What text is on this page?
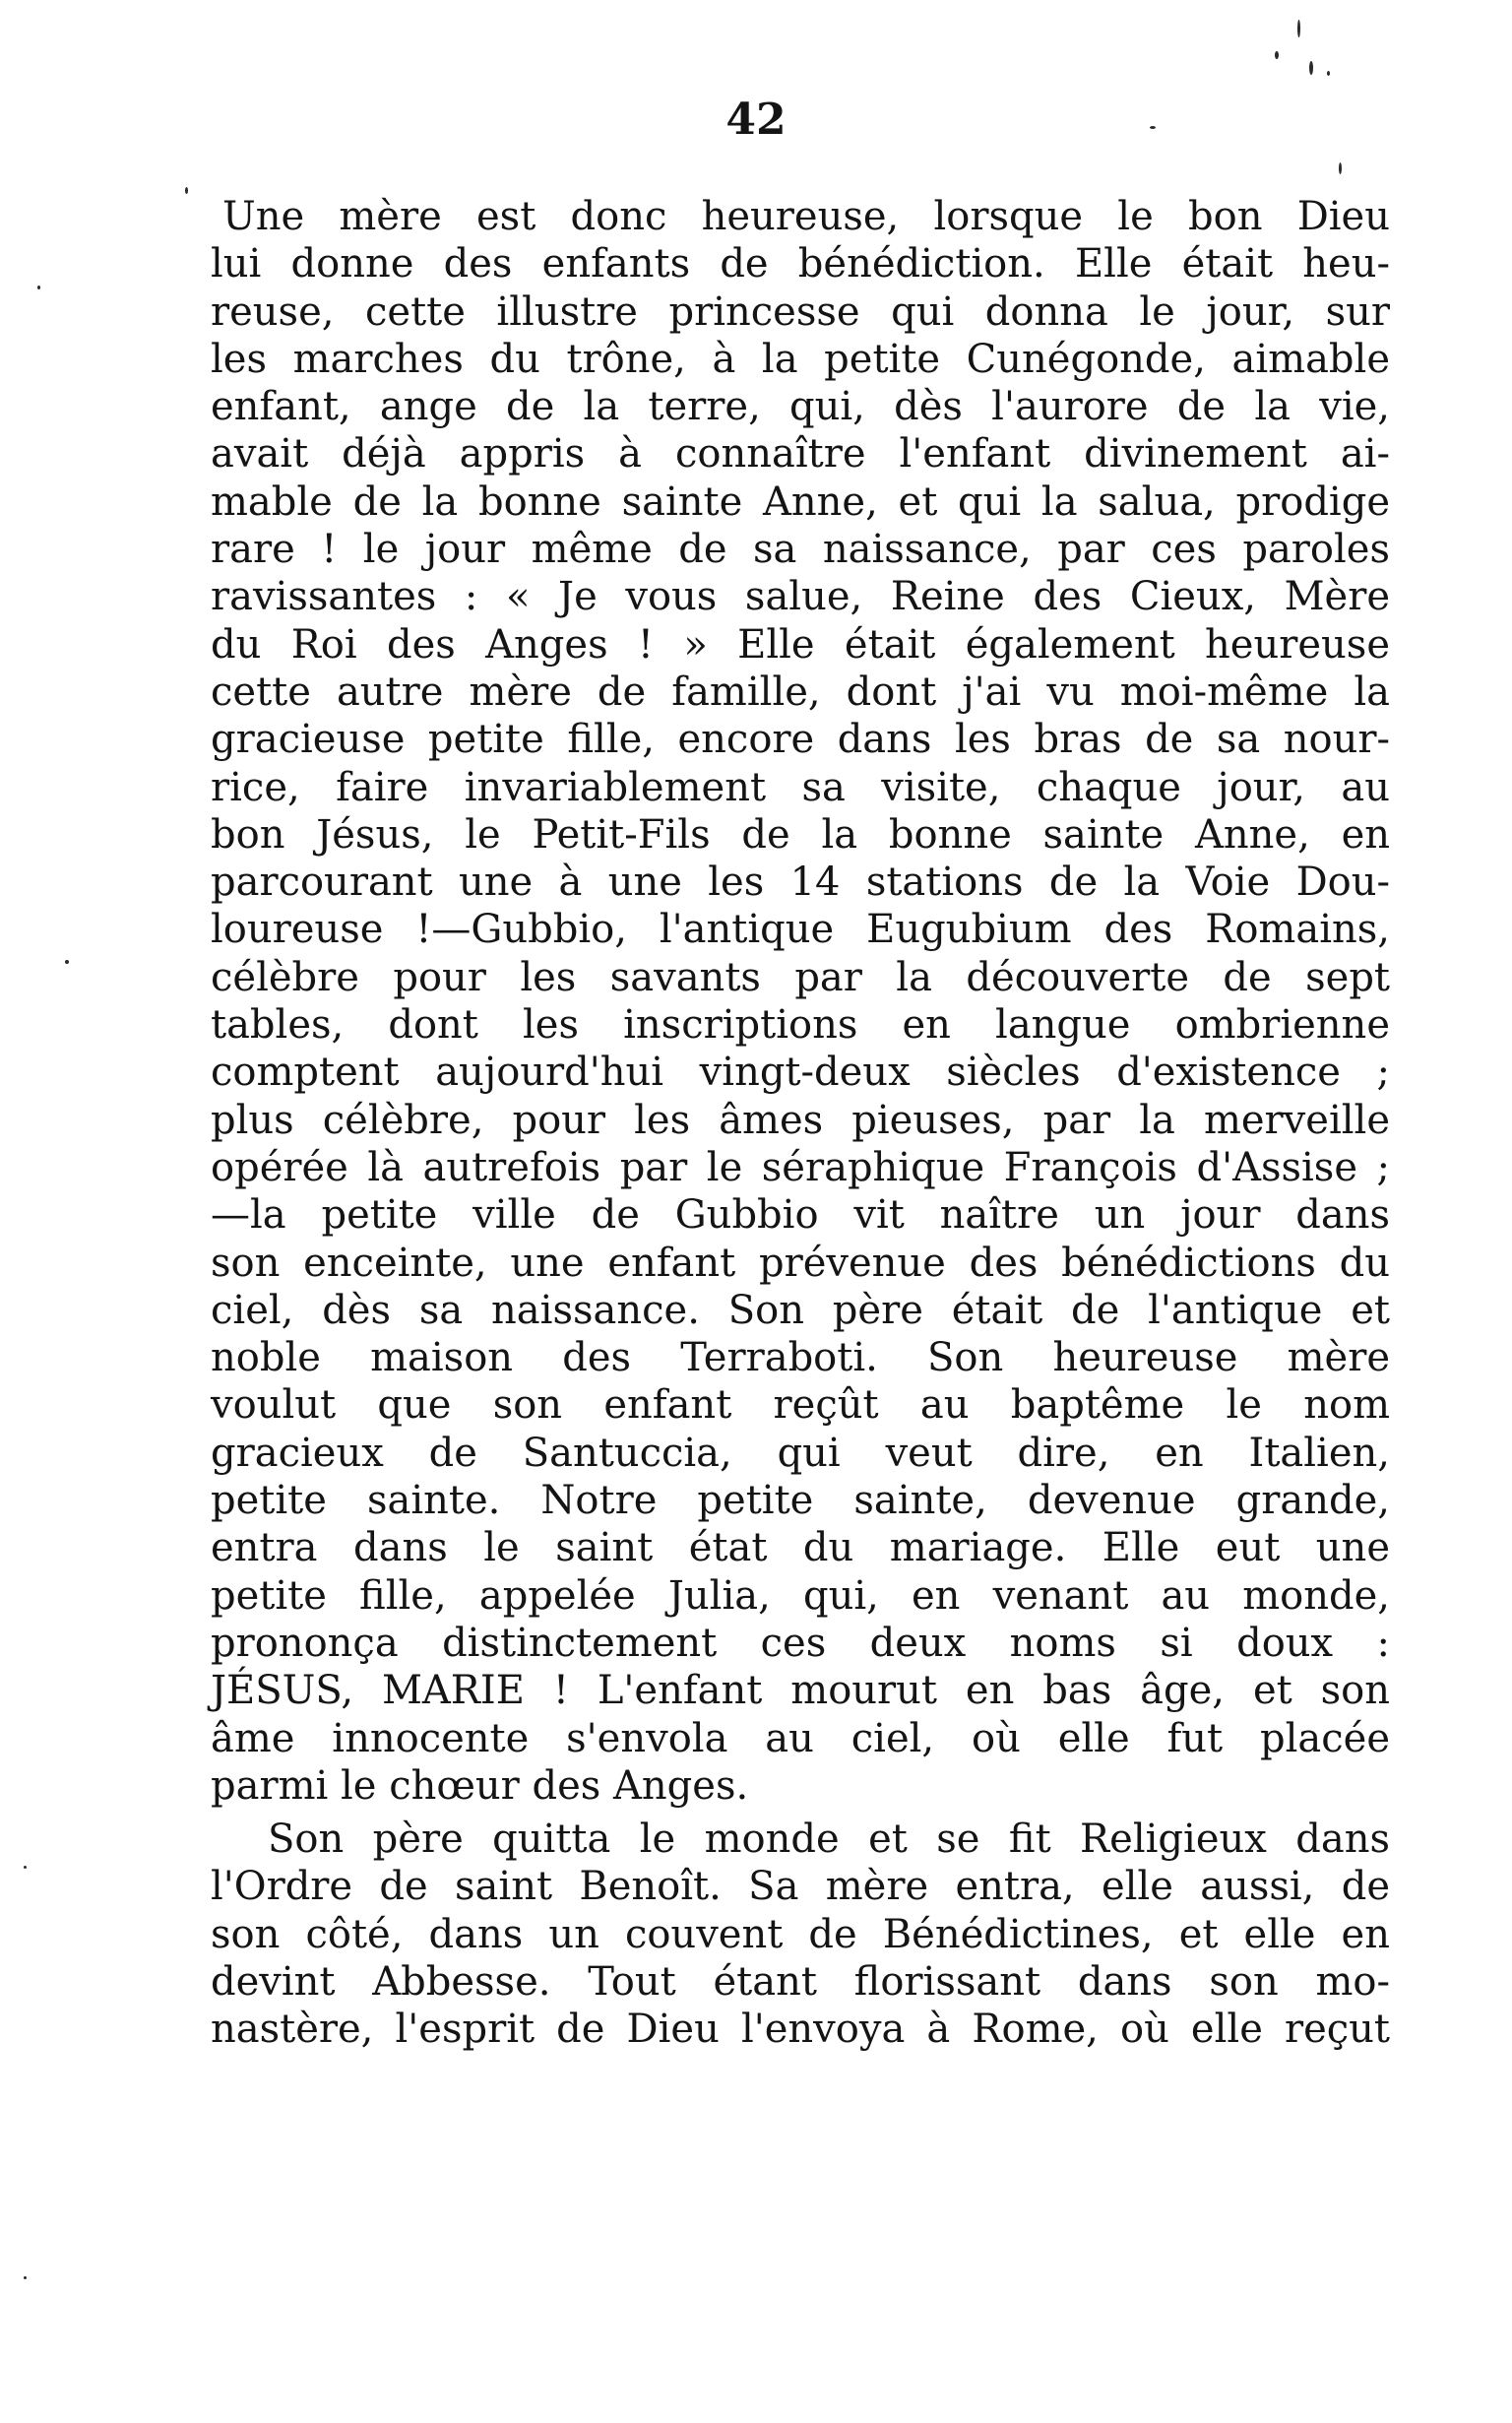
42
Une mère est donc heureuse, lorsque le bon Dieu
lui donne des enfants de bénédiction. Elle était heu-
reuse, cette illustre princesse qui donna le jour, sur
les marches du trône, à la petite Cunégonde, aimable
enfant, ange de la terre, qui, dès l'aurore de la vie,
avait déjà appris à connaître l'enfant divinement ai-
mable de la bonne sainte Anne, et qui la salua, prodige
rare ! le jour même de sa naissance, par ces paroles
ravissantes : « Je vous salue, Reine des Cieux, Mère
du Roi des Anges ! » Elle était également heureuse
cette autre mère de famille, dont j'ai vu moi-même la
gracieuse petite fille, encore dans les bras de sa nour-
rice, faire invariablement sa visite, chaque jour, au
bon Jésus, le Petit-Fils de la bonne sainte Anne, en
parcourant une à une les 14 stations de la Voie Dou-
loureuse !—Gubbio, l'antique Eugubium des Romains,
célèbre pour les savants par la découverte de sept
tables, dont les inscriptions en langue ombrienne
comptent aujourd'hui vingt-deux siècles d'existence ;
plus célèbre, pour les âmes pieuses, par la merveille
opérée là autrefois par le séraphique François d'Assise ;
—la petite ville de Gubbio vit naître un jour dans
son enceinte, une enfant prévenue des bénédictions du
ciel, dès sa naissance. Son père était de l'antique et
noble maison des Terraboti. Son heureuse mère
voulut que son enfant reçût au baptême le nom
gracieux de Santuccia, qui veut dire, en Italien,
petite sainte. Notre petite sainte, devenue grande,
entra dans le saint état du mariage. Elle eut une
petite fille, appelée Julia, qui, en venant au monde,
prononça distinctement ces deux noms si doux :
JÉSUS, MARIE ! L'enfant mourut en bas âge, et son
âme innocente s'envola au ciel, où elle fut placée
parmi le chœur des Anges.
Son père quitta le monde et se fit Religieux dans
l'Ordre de saint Benoît. Sa mère entra, elle aussi, de
son côté, dans un couvent de Bénédictines, et elle en
devint Abbesse. Tout étant florissant dans son mo-
nastère, l'esprit de Dieu l'envoya à Rome, où elle reçut
